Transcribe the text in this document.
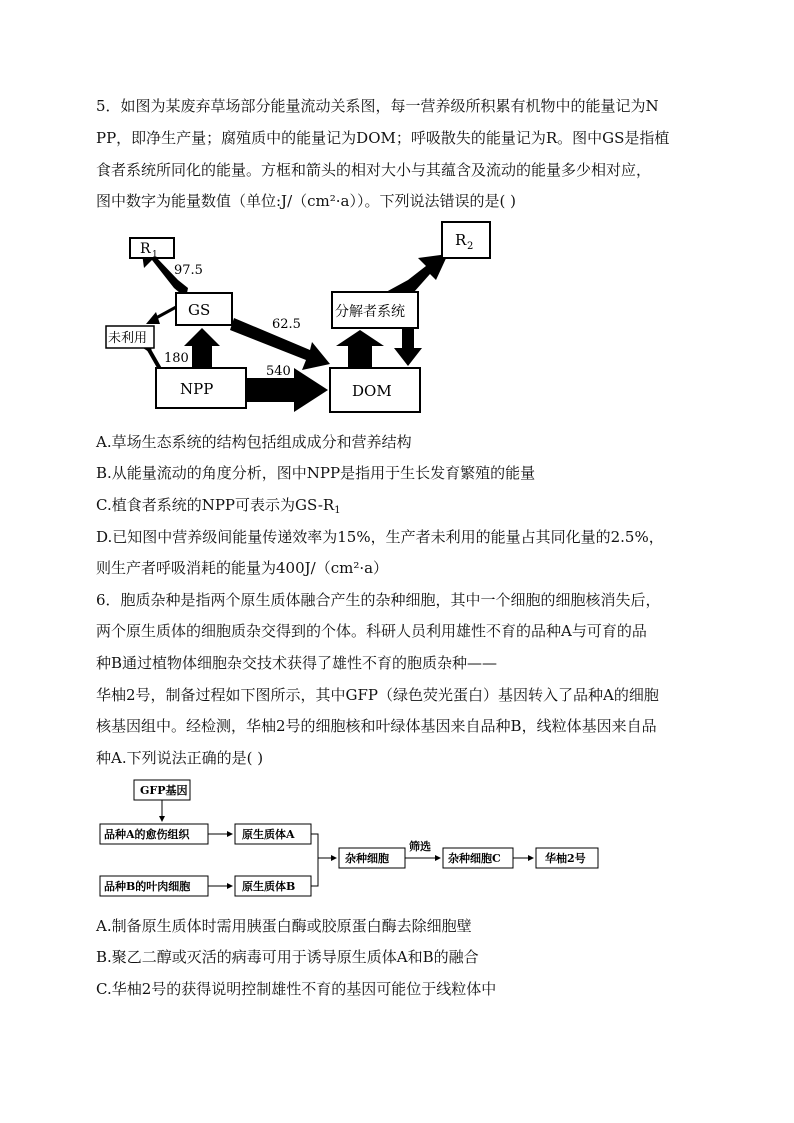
5．如图为某废弃草场部分能量流动关系图，每一营养级所积累有机物中的能量记为N
PP，即净生产量；腐殖质中的能量记为DOM；呼吸散失的能量记为R。图中GS是指植
食者系统所同化的能量。方框和箭头的相对大小与其蕴含及流动的能量多少相对应，
图中数字为能量数值（单位:J/（cm²·a））。下列说法错误的是( )
R 1
97.5
GS
62.5
未利用
180
NPP
540
R 2
分解者系统
DOM
A.草场生态系统的结构包括组成成分和营养结构
B.从能量流动的角度分析，图中NPP是指用于生长发育繁殖的能量
C.植食者系统的NPP可表示为$GS-R_1$
D.已知图中营养级间能量传递效率为15%，生产者未利用的能量占其同化量的2.5%，
则生产者呼吸消耗的能量为400J/（cm²·a）
6．胞质杂种是指两个原生质体融合产生的杂种细胞，其中一个细胞的细胞核消失后，
两个原生质体的细胞质杂交得到的个体。科研人员利用雄性不育的品种A与可育的品
种B通过植物体细胞杂交技术获得了雄性不育的胞质杂种——
华柚2号，制备过程如下图所示，其中GFP（绿色荧光蛋白）基因转入了品种A的细胞
核基因组中。经检测，华柚2号的细胞核和叶绿体基因来自品种B，线粒体基因来自品
种A.下列说法正确的是( )
GFP基因
品种A的愈伤组织	原生质体A
品种B的叶肉细胞	原生质体B
杂种细胞
筛选
杂种细胞C	华柚2号
A.制备原生质体时需用胰蛋白酶或胶原蛋白酶去除细胞壁
B.聚乙二醇或灭活的病毒可用于诱导原生质体A和B的融合
C.华柚2号的获得说明控制雄性不育的基因可能位于线粒体中
